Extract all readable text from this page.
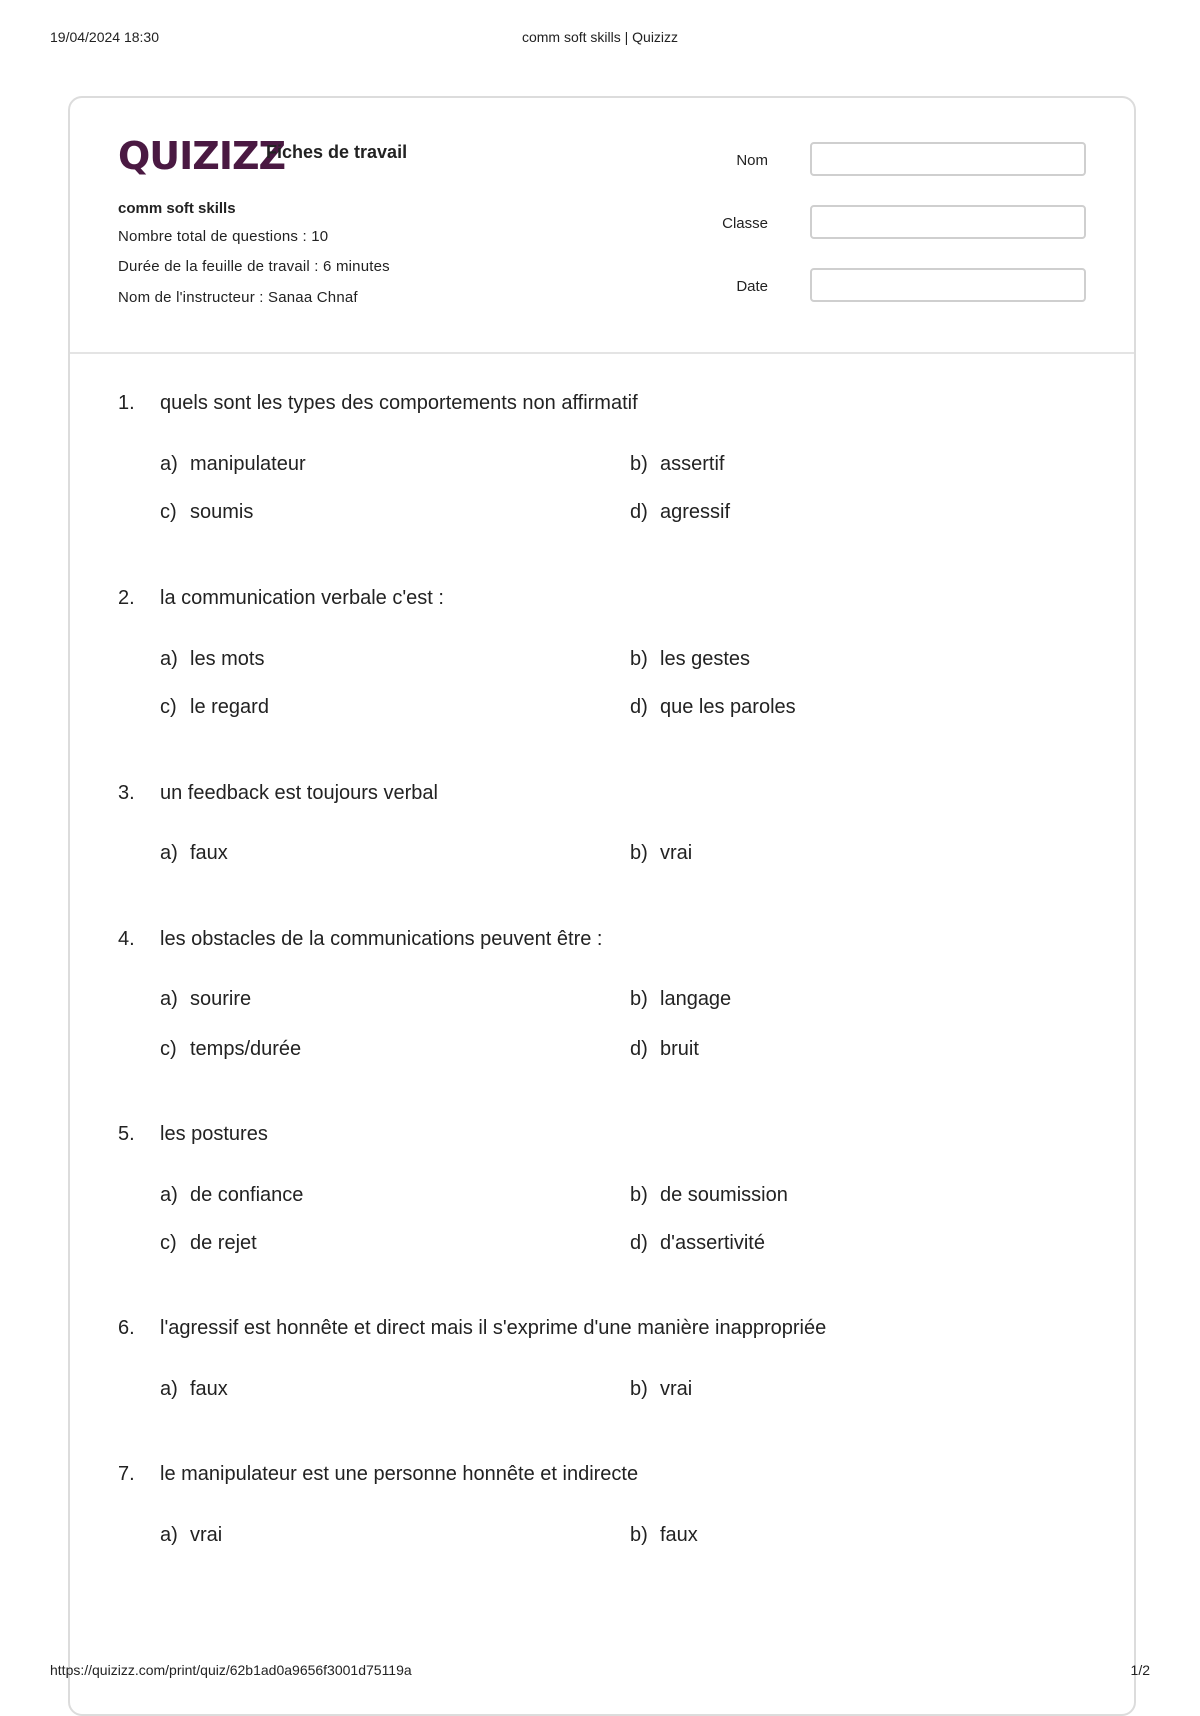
19/04/2024 18:30	comm soft skills | Quizizz
QUIZIZZ
Fiches de travail
comm soft skills
Nombre total de questions : 10
Durée de la feuille de travail : 6 minutes
Nom de l'instructeur : Sanaa Chnaf
Nom
Classe
Date
1. quels sont les types des comportements non affirmatif
a) manipulateur	b) assertif
c) soumis	d) agressif
2. la communication verbale c'est :
a) les mots	b) les gestes
c) le regard	d) que les paroles
3. un feedback est toujours verbal
a) faux	b) vrai
4. les obstacles de la communications peuvent être :
a) sourire	b) langage
c) temps/durée	d) bruit
5. les postures
a) de confiance	b) de soumission
c) de rejet	d) d'assertivité
6. l'agressif est honnête et direct mais il s'exprime d'une manière inappropriée
a) faux	b) vrai
7. le manipulateur est une personne honnête et indirecte
a) vrai	b) faux
https://quizizz.com/print/quiz/62b1ad0a9656f3001d75119a	1/2
